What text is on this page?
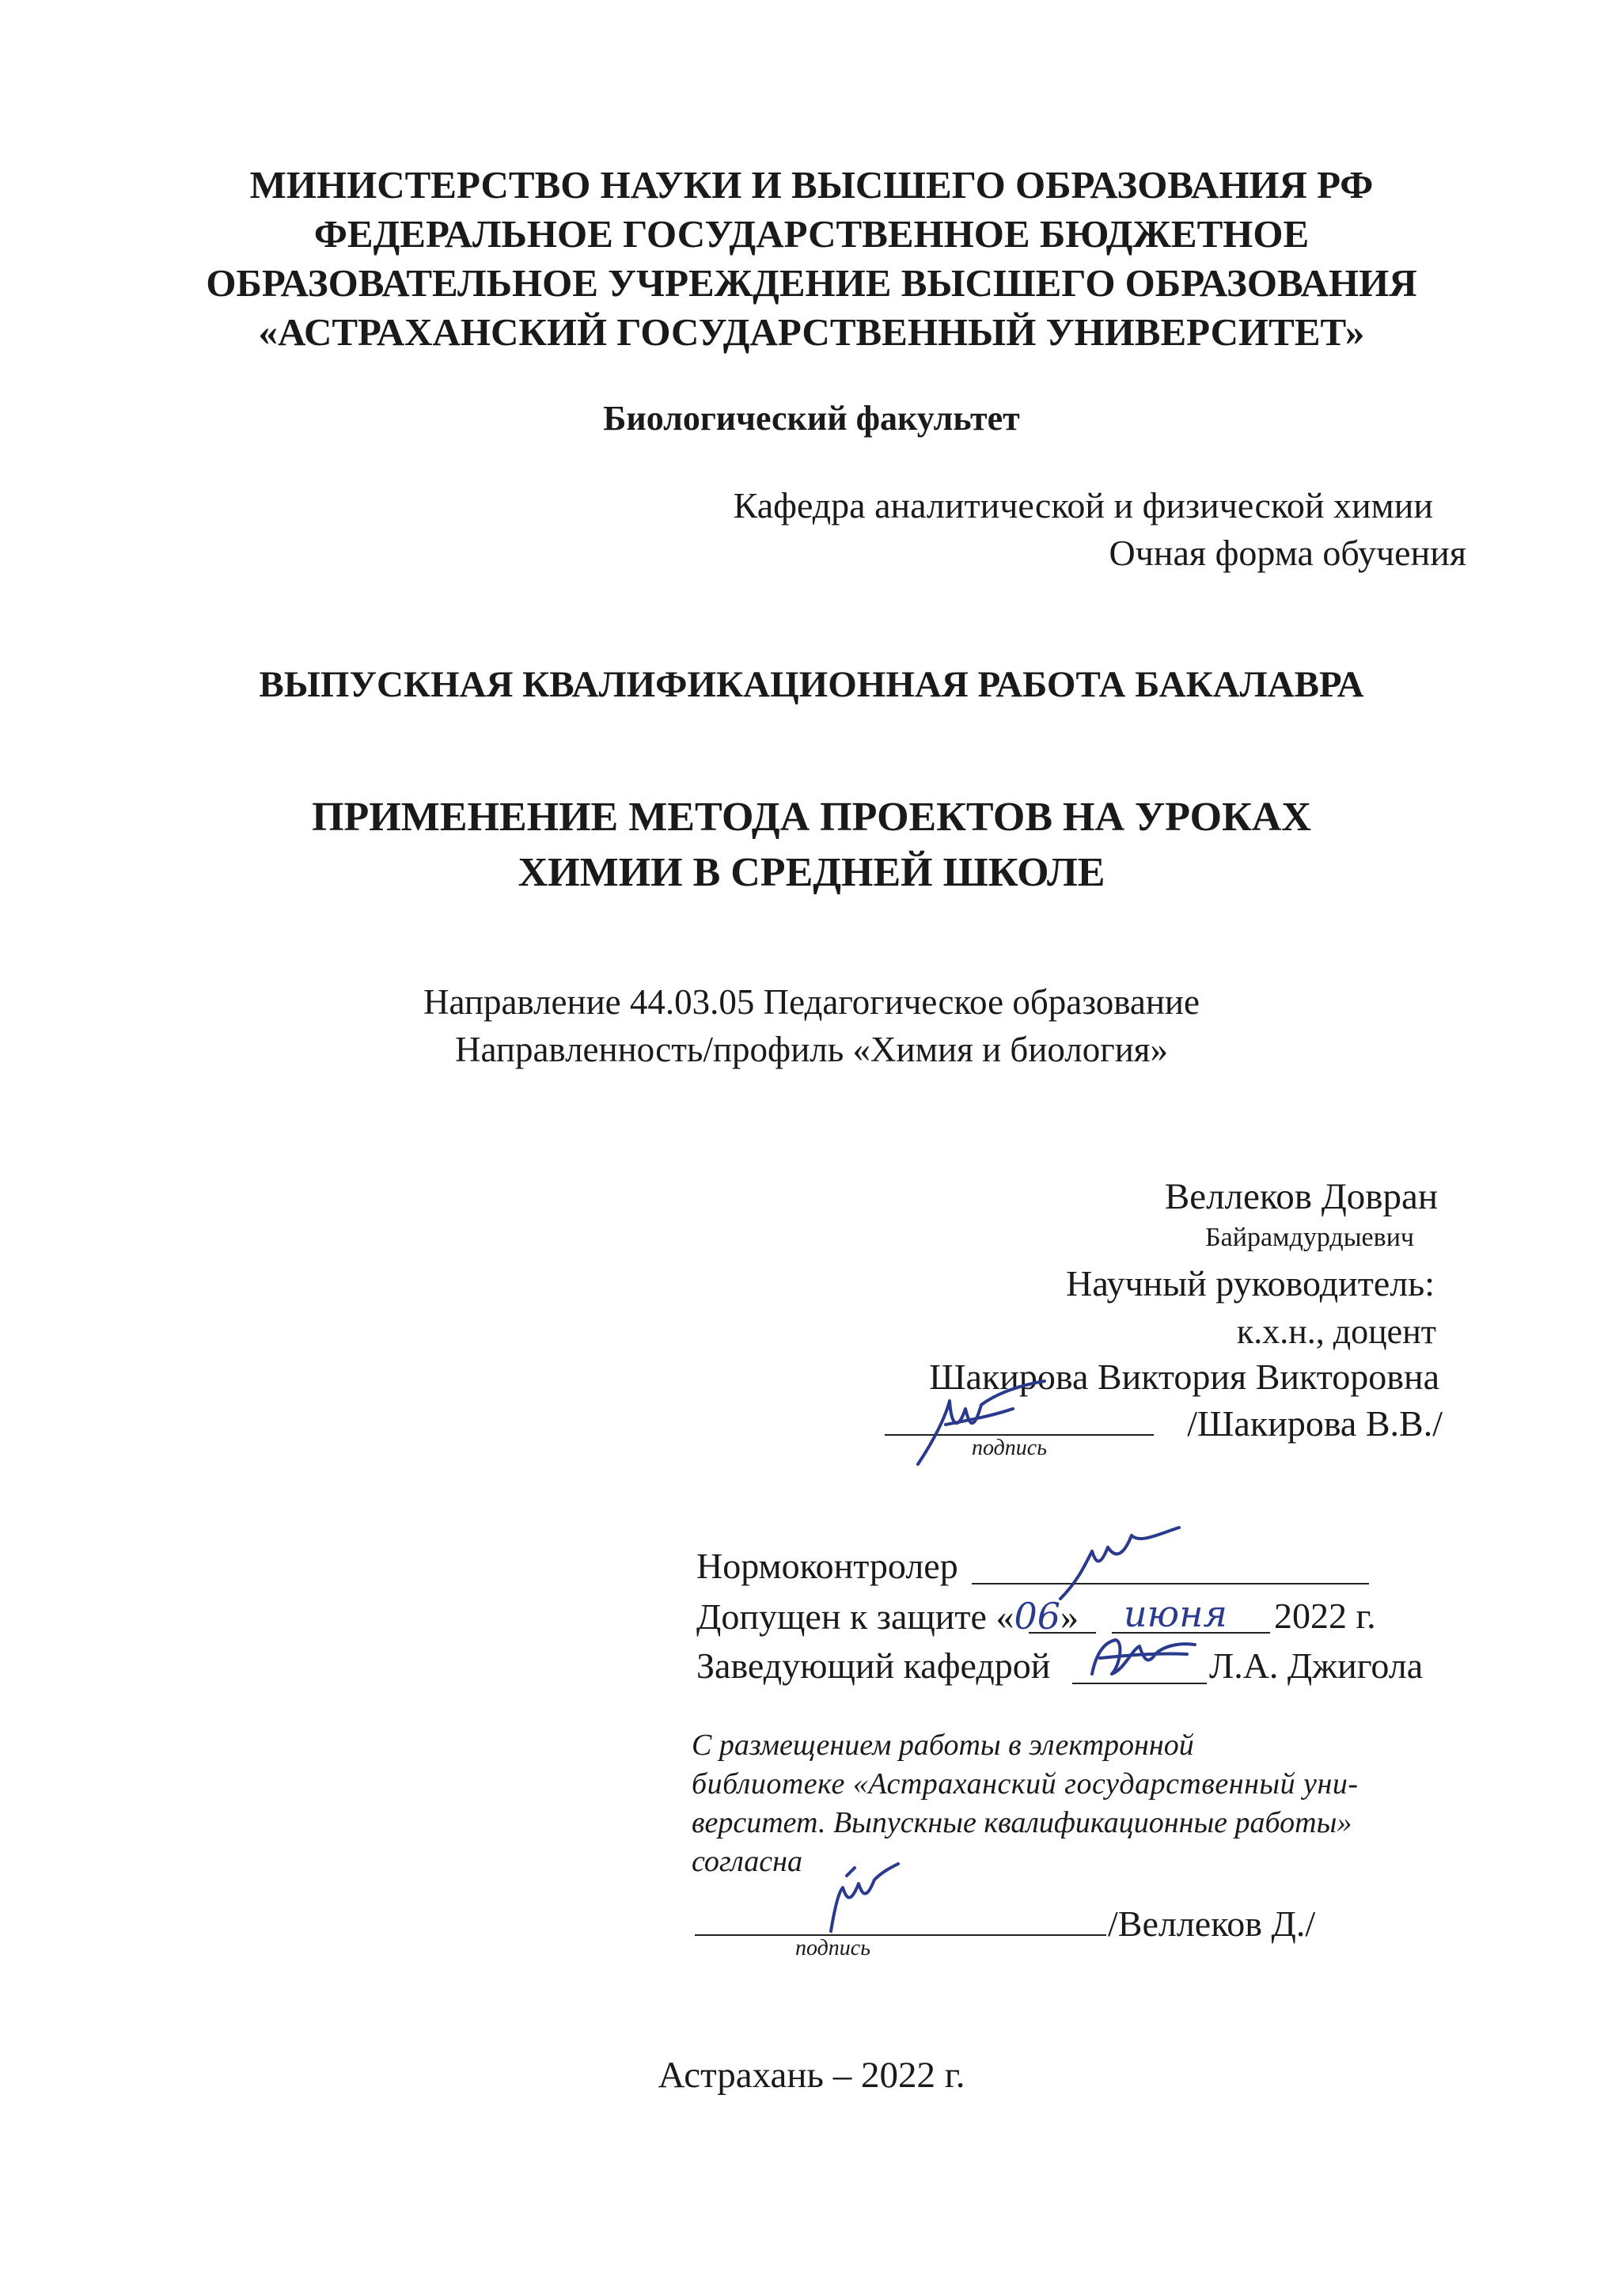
МИНИСТЕРСТВО НАУКИ И ВЫСШЕГО ОБРАЗОВАНИЯ РФ
ФЕДЕРАЛЬНОЕ ГОСУДАРСТВЕННОЕ БЮДЖЕТНОЕ
ОБРАЗОВАТЕЛЬНОЕ УЧРЕЖДЕНИЕ ВЫСШЕГО ОБРАЗОВАНИЯ
«АСТРАХАНСКИЙ ГОСУДАРСТВЕННЫЙ УНИВЕРСИТЕТ»
Биологический факультет
Кафедра аналитической и физической химии
Очная форма обучения
ВЫПУСКНАЯ КВАЛИФИКАЦИОННАЯ РАБОТА БАКАЛАВРА
ПРИМЕНЕНИЕ МЕТОДА ПРОЕКТОВ НА УРОКАХ
ХИМИИ В СРЕДНЕЙ ШКОЛЕ
Направление 44.03.05 Педагогическое образование
Направленность/профиль «Химия и биология»
Веллеков Довран
Байрамдурдыевич
Научный руководитель:
к.х.н., доцент
Шакирова Виктория Викторовна
/Шакирова В.В./
подпись
Нормоконтролер
Допущен к защите «06» июня 2022 г.
Заведующий кафедрой	Л.А. Джигола
С размещением работы в электронной
библиотеке «Астраханский государственный уни-
верситет. Выпускные квалификационные работы»
согласна
подпись
/Веллеков Д./
Астрахань – 2022 г.
